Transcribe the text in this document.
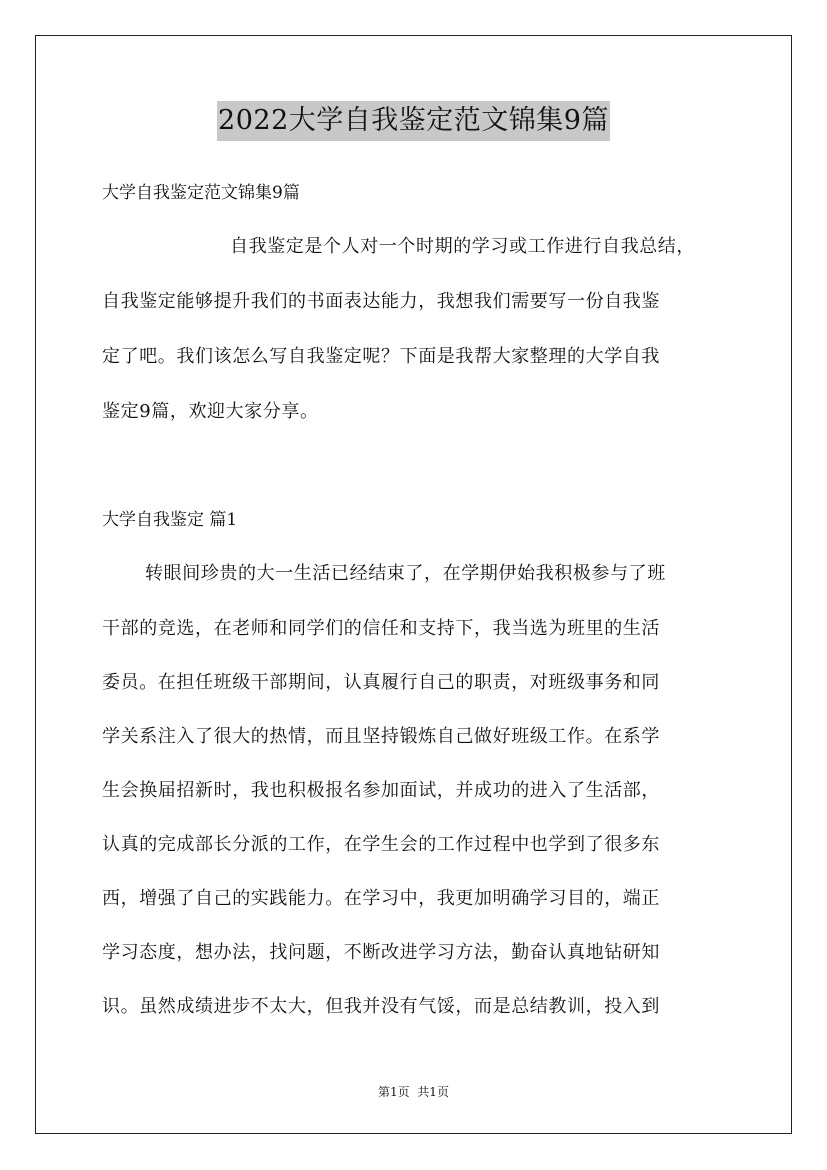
2022大学自我鉴定范文锦集9篇
大学自我鉴定范文锦集9篇
自我鉴定是个人对一个时期的学习或工作进行自我总结，
自我鉴定能够提升我们的书面表达能力，我想我们需要写一份自我鉴
定了吧。我们该怎么写自我鉴定呢？下面是我帮大家整理的大学自我
鉴定9篇，欢迎大家分享。
大学自我鉴定 篇1
转眼间珍贵的大一生活已经结束了，在学期伊始我积极参与了班
干部的竞选，在老师和同学们的信任和支持下，我当选为班里的生活
委员。在担任班级干部期间，认真履行自己的职责，对班级事务和同
学关系注入了很大的热情，而且坚持锻炼自己做好班级工作。在系学
生会换届招新时，我也积极报名参加面试，并成功的进入了生活部，
认真的完成部长分派的工作，在学生会的工作过程中也学到了很多东
西，增强了自己的实践能力。在学习中，我更加明确学习目的，端正
学习态度，想办法，找问题，不断改进学习方法，勤奋认真地钻研知
识。虽然成绩进步不太大，但我并没有气馁，而是总结教训，投入到
第1页  共1页
